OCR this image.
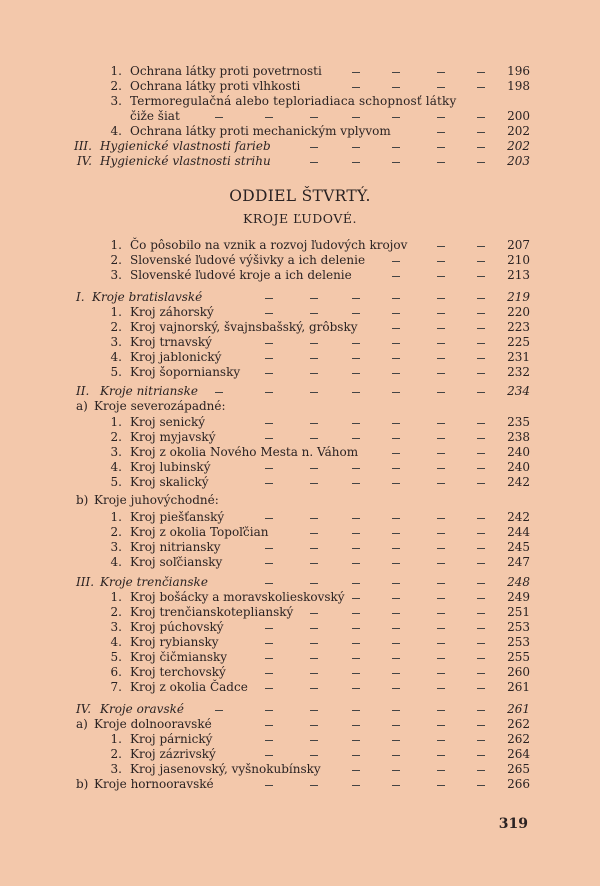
1. Ochrana látky proti povetrnosti	196
2. Ochrana látky proti vlhkosti	198
3. Termoregulačná alebo teploriadiaca schopnosť látky
čiže šiat	200
4. Ochrana látky proti mechanickým vplyvom	202
III. Hygienické vlastnosti farieb	202
IV. Hygienické vlastnosti strihu	203
ODDIEL ŠTVRTÝ.
KROJE ĽUDOVÉ.
1. Čo pôsobilo na vznik a rozvoj ľudových krojov	207
2. Slovenské ľudové výšivky a ich delenie	210
3. Slovenské ľudové kroje a ich delenie	213
I. Kroje bratislavské	219
1. Kroj záhorský	220
2. Kroj vajnorský, švajnsbašský, grôbsky	223
3. Kroj trnavský	225
4. Kroj jablonický	231
5. Kroj šoporniansky	232
II. Kroje nitrianske	234
a) Kroje severozápadné:
1. Kroj senický	235
2. Kroj myjavský	238
3. Kroj z okolia Nového Mesta n. Váhom	240
4. Kroj lubinský	240
5. Kroj skalický	242
b) Kroje juhovýchodné:
1. Kroj piešťanský	242
2. Kroj z okolia Topoľčian	244
3. Kroj nitriansky	245
4. Kroj soľčiansky	247
III. Kroje trenčianske	248
1. Kroj bošácky a moravskoliеskovský	249
2. Kroj trenčianskoteplianský	251
3. Kroj púchovský	253
4. Kroj rybiansky	253
5. Kroj čičmiansky	255
6. Kroj terchovský	260
7. Kroj z okolia Čadce	261
IV. Kroje oravské	261
a) Kroje dolnooravské	262
1. Kroj párnický	262
2. Kroj zázrivský	264
3. Kroj jasenovský, vyšnokubínsky	265
b) Kroje hornooravské	266
319
